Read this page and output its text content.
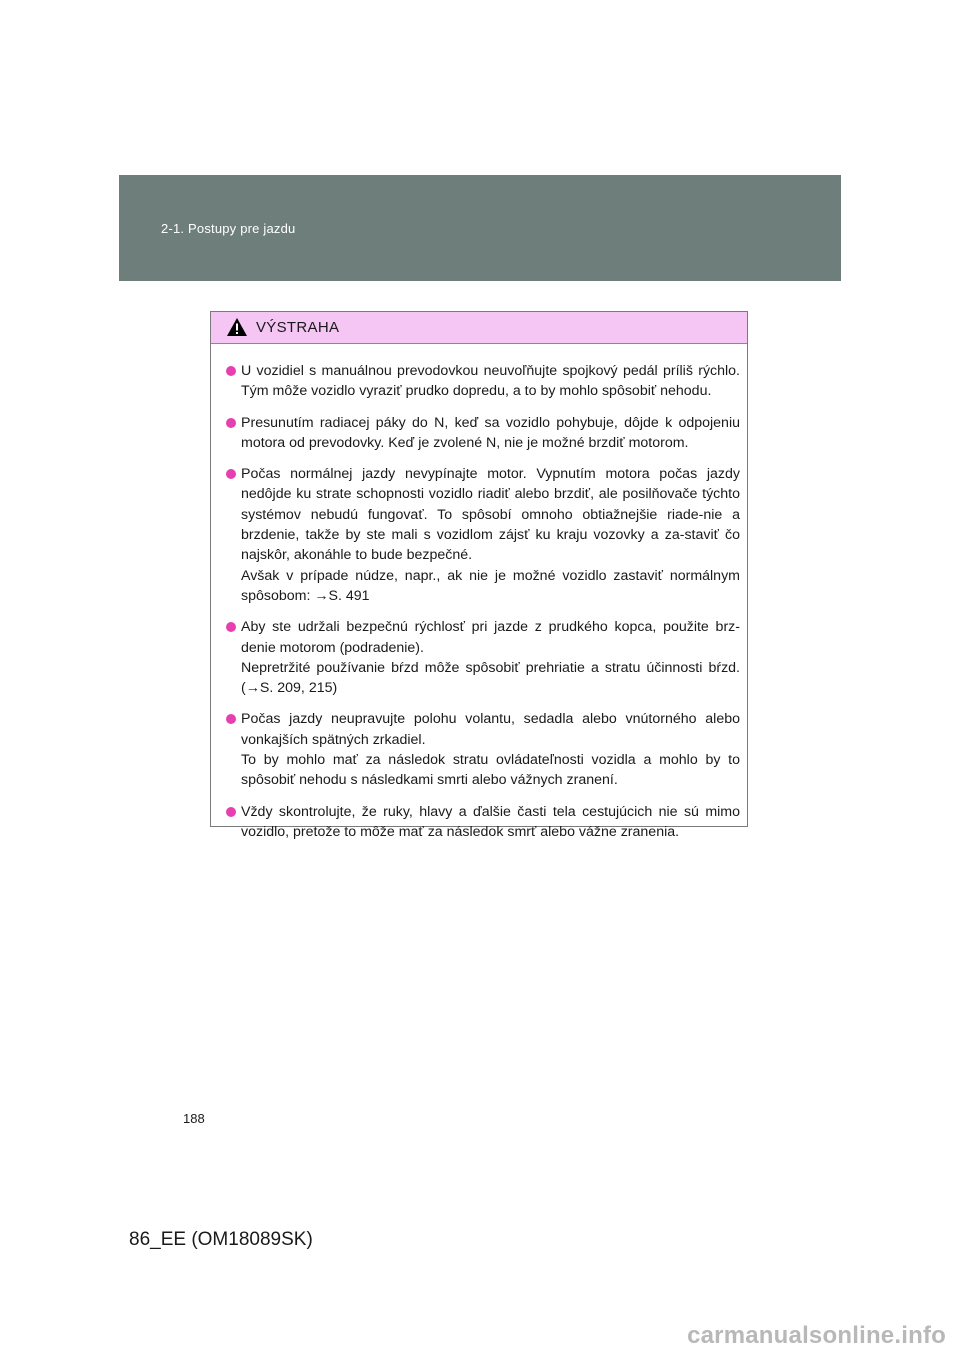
2-1. Postupy pre jazdu
VÝSTRAHA
U vozidiel s manuálnou prevodovkou neuvoľňujte spojkový pedál príliš rýchlo. Tým môže vozidlo vyraziť prudko dopredu, a to by mohlo spôsobiť nehodu.
Presunutím radiacej páky do N, keď sa vozidlo pohybuje, dôjde k odpojeniu motora od prevodovky. Keď je zvolené N, nie je možné brzdiť motorom.
Počas normálnej jazdy nevypínajte motor. Vypnutím motora počas jazdy nedôjde ku strate schopnosti vozidlo riadiť alebo brzdiť, ale posilňovače týchto systémov nebudú fungovať. To spôsobí omnoho obtiažnejšie riade-nie a brzdenie, takže by ste mali s vozidlom zájsť ku kraju vozovky a za-staviť čo najskôr, akonáhle to bude bezpečné.
Avšak v prípade núdze, napr., ak nie je možné vozidlo zastaviť normálnym spôsobom: →S. 491
Aby ste udržali bezpečnú rýchlosť pri jazde z prudkého kopca, použite brz-denie motorom (podradenie).
Nepretržité používanie bŕzd môže spôsobiť prehriatie a stratu účinnosti bŕzd. (→S. 209, 215)
Počas jazdy neupravujte polohu volantu, sedadla alebo vnútorného alebo vonkajších spätných zrkadiel.
To by mohlo mať za následok stratu ovládateľnosti vozidla a mohlo by to spôsobiť nehodu s následkami smrti alebo vážnych zranení.
Vždy skontrolujte, že ruky, hlavy a ďalšie časti tela cestujúcich nie sú mimo vozidlo, pretože to môže mať za následok smrť alebo vážne zranenia.
188
86_EE (OM18089SK)
carmanualsonline.info
